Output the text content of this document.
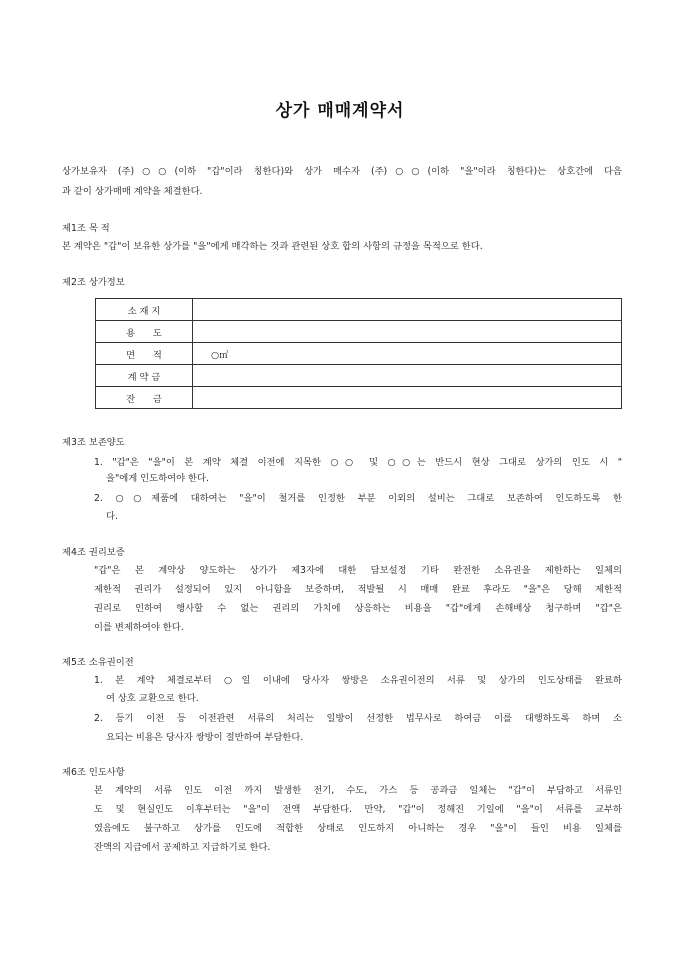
상가 매매계약서
상가보유자 (주)○○(이하 "갑"이라 칭한다)와 상가 매수자 (주)○○(이하 "을"이라 칭한다)는 상호간에 다음
과 같이 상가매매 계약을 체결한다.
제1조 목 적
본 계약은 "갑"이 보유한 상가를 "을"에게 매각하는 것과 관련된 상호 합의 사항의 규정을 목적으로 한다.
제2조 상가정보
소 재 지	
용      도	
면      적	○㎡
계 약 금	
잔      금	
제3조 보존양도
1. "갑"은 "을"이 본 계약 체결 이전에 지목한 ○○ 및 ○○는 반드시 현상 그대로 상가의 인도 시 "
을"에게 인도하여야 한다.
2. ○○제품에 대하여는 "을"이 철거를 인정한 부분 이외의 설비는 그대로 보존하여 인도하도록 한
다.
제4조 권리보증
"갑"은 본 계약상 양도하는 상가가 제3자에 대한 담보설정 기타 완전한 소유권을 제한하는 일체의
제한적 권리가 설정되어 있지 아니함을 보증하며, 적발될 시 매매 완료 후라도 "을"은 당해 제한적
권리로 인하여 행사할 수 없는 권리의 가치에 상응하는 비용을 "갑"에게 손해배상 청구하며 "갑"은
이를 변제하여야 한다.
제5조 소유권이전
1. 본 계약 체결로부터 ○일 이내에 당사자 쌍방은 소유권이전의 서류 및 상가의 인도상태를 완료하
여 상호 교환으로 한다.
2. 등기 이전 등 이전관련 서류의 처리는 일방이 선정한 법무사로 하여금 이를 대행하도록 하며 소
요되는 비용은 당사자 쌍방이 절반하여 부담한다.
제6조 인도사항
본 계약의 서류 인도 이전 까지 발생한 전기, 수도, 가스 등 공과금 일체는 "갑"이 부담하고 서류인
도 및 현실인도 이후부터는 "을"이 전액 부담한다. 만약, "갑"이 정해진 기일에 "을"이 서류를 교부하
였음에도 불구하고 상가를 인도에 적합한 상태로 인도하지 아니하는 경우 "을"이 들인 비용 일체를
잔액의 지급에서 공제하고 지급하기로 한다.
